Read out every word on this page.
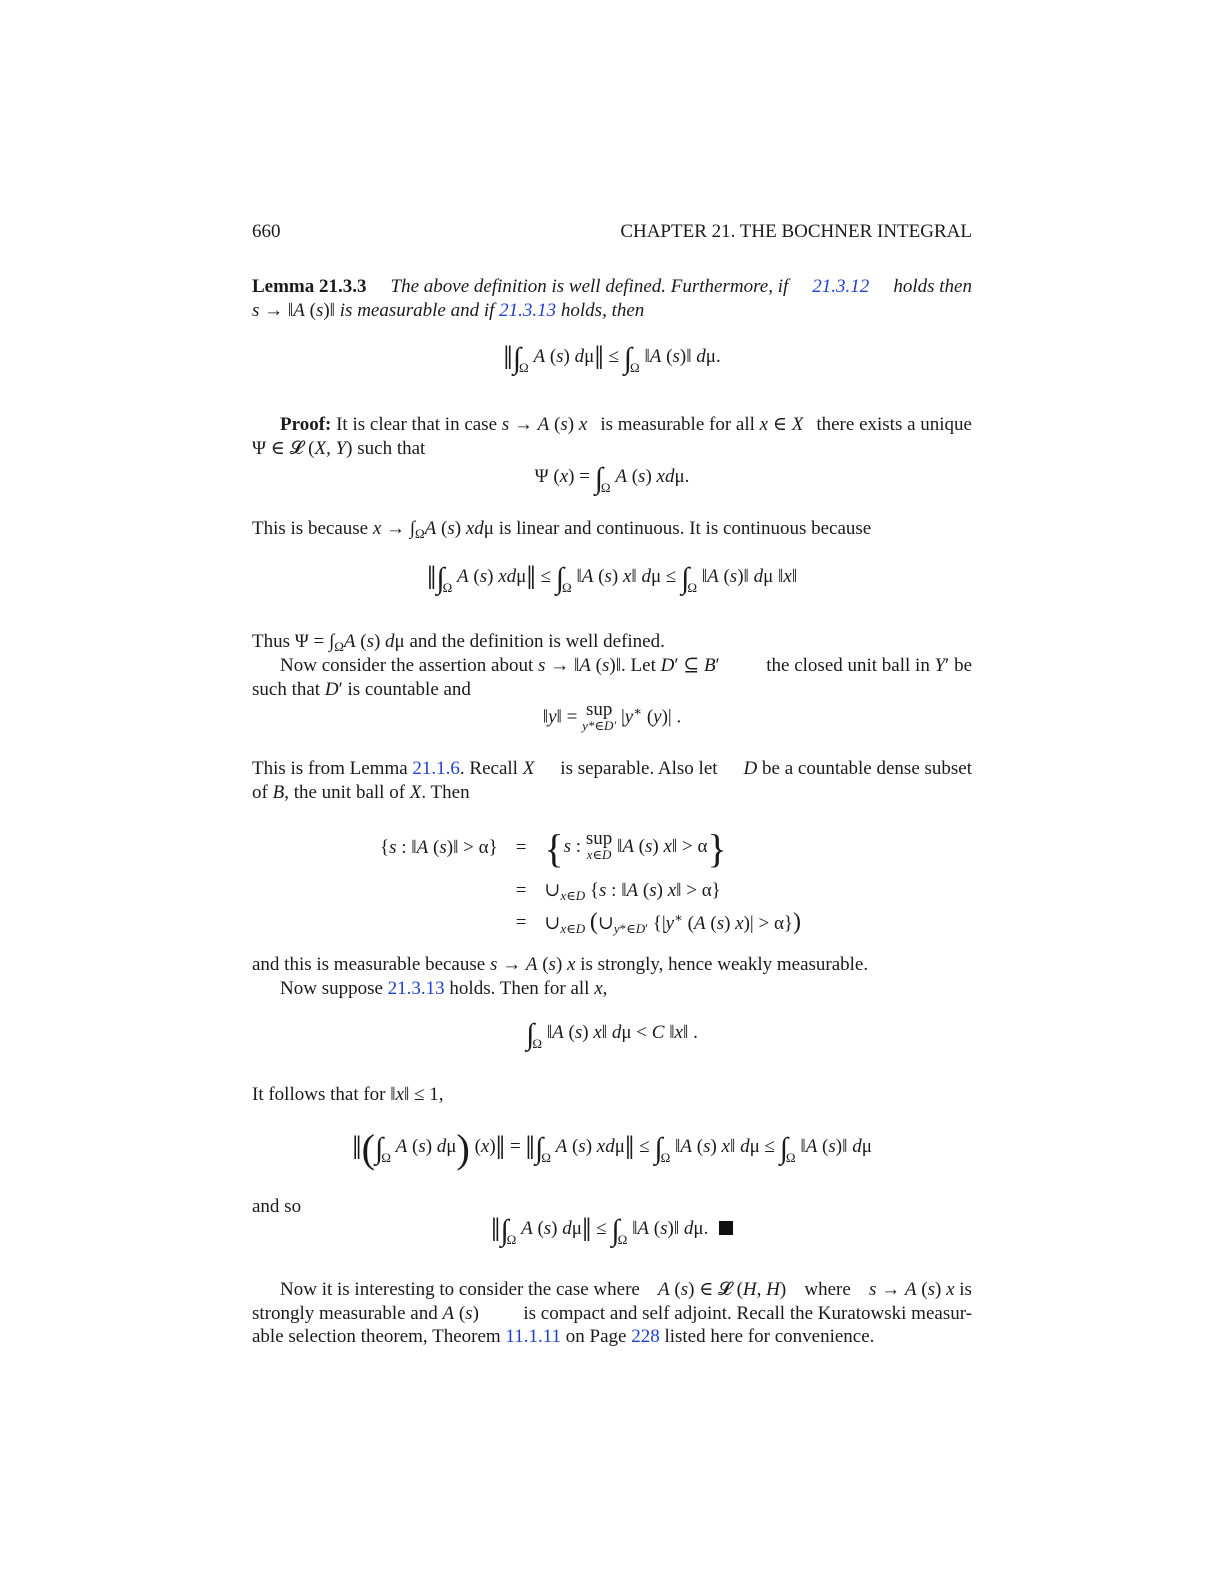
660	CHAPTER 21. THE BOCHNER INTEGRAL
Lemma 21.3.3 The above definition is well defined. Furthermore, if 21.3.12 holds then
s → ‖A (s)‖ is measurable and if 21.3.13 holds, then
$‖\int_\Omega$ A (s) dμ‖ ≤ $\int_\Omega$ ‖A (s)‖ dμ.
Proof: It is clear that in case s → A (s) x is measurable for all x ∈ X there exists a unique
Ψ ∈ 𝓛 (X, Y) such that
Ψ $(x) = \int_\Omega$ A (s) xdμ.
This is because $x \to \int_\Omega A$ (s) xdμ is linear and continuous. It is continuous because
$‖\int_\Omega$ A (s) xdμ‖ ≤ $\int_\Omega$ ‖A (s) x‖ $d\mu \le \int_\Omega$ ‖A (s)‖ dμ ‖x‖
Thus $\Psi = \int_\Omega A$ (s) dμ and the definition is well defined.
Now consider the assertion about s → ‖A (s)‖. Let D′ ⊆ B′ the closed unit ball in Y′ be
such that D′ is countable and
‖y‖ = sup
y*∈D′ |y∗ (y)| .
This is from Lemma 21.1.6. Recall X is separable. Also let D be a countable dense subset
of B, the unit ball of X. Then
{s : ‖A (s)‖ > α}	=	{s : sup
x∈D ‖A (s) x‖ > α}
	=	$\cup_{x\in D}$ {s : ‖A (s) x‖ > α}
	=	$\cup_{x\in D}$ ($\cup_{y*\in D'}$ {|y∗ (A (s) x)| > α})
and this is measurable because s → A (s) x is strongly, hence weakly measurable.
Now suppose 21.3.13 holds. Then for all x,
$\int_\Omega$ ‖A (s) x‖ dμ < C ‖x‖ .
It follows that for ‖x‖ ≤ 1,
$‖(\int_\Omega$ A (s) dμ) (x)‖ = $‖\int_\Omega$ A (s) xdμ‖ ≤ $\int_\Omega$ ‖A (s) x‖ $d\mu \le \int_\Omega$ ‖A (s)‖ dμ
and so
$‖\int_\Omega$ A (s) dμ‖ ≤ $\int_\Omega$ ‖A (s)‖ dμ.
Now it is interesting to consider the case where A (s) ∈ 𝓛 (H, H) where s → A (s) x is
strongly measurable and A (s) is compact and self adjoint. Recall the Kuratowski measur-
able selection theorem, Theorem 11.1.11 on Page 228 listed here for convenience.
